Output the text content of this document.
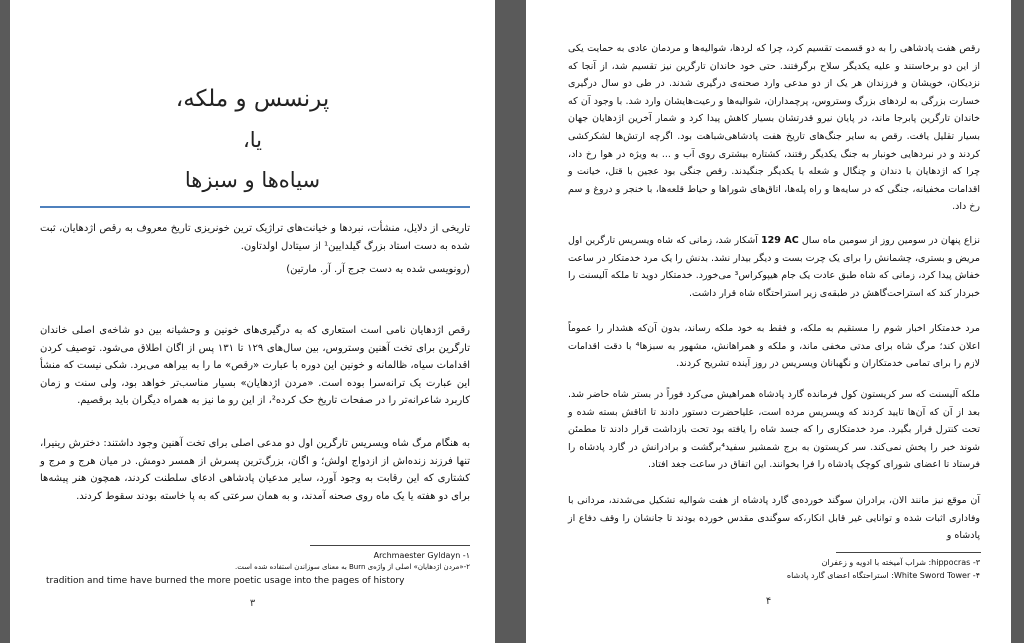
پرنسس و ملکه،
یا،
سیاه‌ها و سبزها
تاریخی از دلایل، منشأت، نبردها و خیانت‌های تراژیک ترین خونریزی تاریخ معروف به رقص اژدهایان، ثبت شده به دست استاد بزرگ گیلدایین¹ از سیتادل اولدتاون.
(رونویسی شده به دست جرج آر. آر. مارتین)
رقص اژدهایان نامی است استعاری که به درگیری‌های خونین و وحشیانه بین دو شاخه‌ی اصلی خاندان تارگرین برای تخت آهنین وستروس، بین سال‌های ۱۲۹ تا ۱۳۱ پس از اگان اطلاق می‌شود. توصیف کردن اقدامات سیاه، ظالمانه و خونین این دوره با عبارت «رقص» ما را به بیراهه می‌برد. شکی نیست که منشأ این عبارت یک ترانه‌سرا بوده است. «مردن اژدهایان» بسیار مناسب‌تر خواهد بود، ولی سنت و زمان کاربرد شاعرانه‌تر را در صفحات تاریخ حک کرده²، از این رو ما نیز به همراه دیگران باید برقصیم.
به هنگام مرگ شاه ویسریس تارگرین اول دو مدعی اصلی برای تخت آهنین وجود داشتند: دخترش رینیرا، تنها فرزند زنده‌اش از ازدواج اولش؛ و اگان، بزرگ‌ترین پسرش از همسر دومش. در میان هرج و مرج و کشتاری که این رقابت به وجود آورد، سایر مدعیان پادشاهی ادعای سلطنت کردند، همچون هنر پیشه‌ها برای دو هفته یا یک ماه روی صحنه آمدند، و به همان سرعتی که به پا خاسته بودند سقوط کردند.
Archmaester Gyldayn -۱
۲-«مردن اژدهایان» اصلی از واژه‌ی Burn به معنای سوزاندن استفاده شده است.
tradition and time have burned the more poetic usage into the pages of history
۳
رقص هفت پادشاهی را به دو قسمت تقسیم کرد، چرا که لردها، شوالیه‌ها و مردمان عادی به حمایت یکی از این دو برخاستند و علیه یکدیگر سلاح برگرفتند. حتی خود خاندان تارگرین نیز تقسیم شد، از آنجا که نزدیکان، خویشان و فرزندان هر یک از دو مدعی وارد صحنه‌ی درگیری شدند. در طی دو سال درگیری خسارت بزرگی به لردهای بزرگ وستروس، پرچمداران، شوالیه‌ها و رعیت‌هایشان وارد شد. با وجود آن که خاندان تارگرین پابرجا ماند، در پایان نیرو قدرتشان بسیار کاهش پیدا کرد و شمار آخرین اژدهایان جهان بسیار تقلیل یافت. رقص به سایر جنگ‌های تاریخ هفت پادشاهی‌شباهت بود. اگرچه ارتش‌ها لشکرکشی کردند و در نبردهایی خونبار به جنگ یکدیگر رفتند، کشتاره بیشتری روی آب و ... به ویژه در هوا رخ داد، چرا که اژدهایان با دندان و چنگال و شعله با یکدیگر جنگیدند. رقص جنگی بود عجین با قتل، خیانت و اقدامات مخفیانه، جنگی که در سایه‌ها و راه پله‌ها، اتاق‌های شوراها و حیاط قلعه‌ها، با خنجر و دروغ و سم رخ داد.
نزاع پنهان در سومین روز از سومین ماه سال 129 AC آشکار شد، زمانی که شاه ویسریس تارگرین اول مریض و بستری، چشمانش را برای یک چرت بست و دیگر بیدار نشد. بدنش را یک مرد خدمتکار در ساعت خفاش پیدا کرد، زمانی که شاه طبق عادت یک جام هیپوکراس³ می‌خورد. خدمتکار دوید تا ملکه آلیسنت را خبردار کند که استراحت‌گاهش در طبقه‌ی زیر استراحتگاه شاه قرار داشت.
مرد خدمتکار اخبار شوم را مستقیم به ملکه، و فقط به خود ملکه رساند، بدون آن‌که هشدار را عموماً اعلان کند؛ مرگ شاه برای مدتی مخفی ماند، و ملکه و همراهانش، مشهور به سبزها⁴ با دقت اقدامات لازم را برای تمامی خدمتکاران و نگهبانان ویسریس در روز آینده تشریح کردند.
ملکه آلیسنت که سر کریستون کول فرمانده گارد پادشاه همراهیش می‌کرد فوراً در بستر شاه حاضر شد. بعد از آن که آن‌ها تایید کردند که ویسریس مرده است، علیاحضرت دستور دادند تا اتاقش بسته شده و تحت کنترل قرار بگیرد. مرد خدمتکاری را که جسد شاه را یافته بود تحت بازداشت قرار دادند تا مطمئن شوند خبر را پخش نمی‌کند. سر کریستون به برج شمشیر سفید⁴برگشت و برادرانش در گارد پادشاه را فرستاد تا اعضای شورای کوچک پادشاه را فرا بخوانند. این اتفاق در ساعت جغد افتاد.
آن موقع نیز مانند الان، برادران سوگند خورده‌ی گارد پادشاه از هفت شوالیه تشکیل می‌شدند، مردانی با وفاداری اثبات شده و توانایی غیر قابل انکار،که سوگندی مقدس خورده بودند تا جانشان را وقف دفاع از پادشاه و
hippocras -۳: شراب آمیخته با ادویه و زعفران
White Sword Tower -۴: استراحتگاه اعضای گارد پادشاه
۴
